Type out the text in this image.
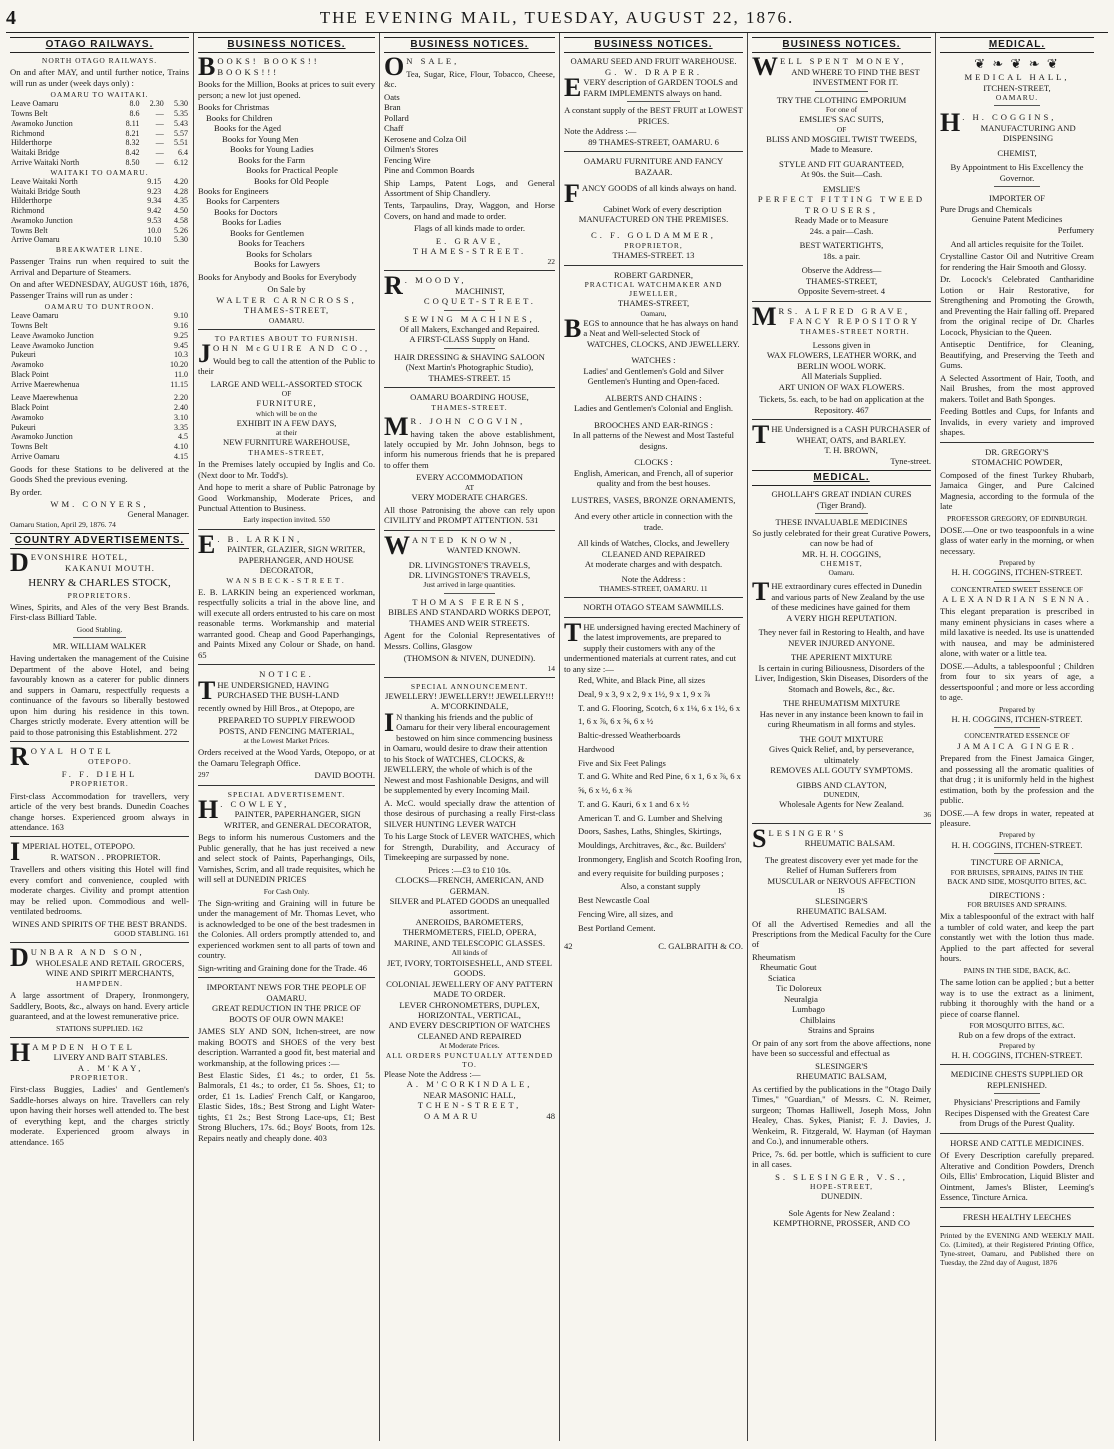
4	THE EVENING MAIL, TUESDAY, AUGUST 22, 1876.
OTAGO RAILWAYS.
NORTH OTAGO RAILWAYS.

On and after MAY, and until further notice, Trains will run as under (week days only) :

OAMARU TO WAITAKI.
Leave Oamaru	8.0	2.30	5.30
Towns Belt	8.6	—	5.35
Awamoko Junction	8.11	—	5.43
Richmond	8.21	—	5.57
Hilderthorpe	8.32	—	5.51
Waitaki Bridge	8.42	—	6.4
Arrive Waitaki North	8.50	—	6.12
WAITAKI TO OAMARU.
Leave Waitaki North	9.15	4.20
Waitaki Bridge South	9.23	4.28
Hilderthorpe	9.34	4.35
Richmond	9.42	4.50
Awamoko Junction	9.53	4.58
Towns Belt	10.0	5.26
Arrive Oamaru	10.10	5.30
BREAKWATER LINE.

Passenger Trains run when required to suit the Arrival and Departure of Steamers.

On and after WEDNESDAY, AUGUST 16th, 1876, Passenger Trains will run as under :

OAMARU TO DUNTROON.
Leave Oamaru	9.10
Towns Belt	9.16
Leave Awamoko Junction	9.25
Leave Awamoko Junction	9.45
Pukeuri	10.3
Awamoko	10.20
Black Point	11.0
Arrive Maerewhenua	11.15
Leave Maerewhenua	2.20
Black Point	2.40
Awamoko	3.10
Pukeuri	3.35
Awamoko Junction	4.5
Towns Belt	4.10
Arrive Oamaru	4.15

Goods for these Stations to be delivered at the Goods Shed the previous evening.

By order.

WM. CONYERS,
General Manager.
Oamaru Station, April 29, 1876. 74
COUNTRY ADVERTISEMENTS.
DEVONSHIRE HOTEL,
KAKANUI MOUTH.
HENRY & CHARLES STOCK,
PROPRIETORS.

Wines, Spirits, and Ales of the very Best Brands. First-class Billiard Table.

Good Stabling.
MR. WILLIAM WALKER

Having undertaken the management of the Cuisine Department of the above Hotel, and being favourably known as a caterer for public dinners and suppers in Oamaru, respectfully requests a continuance of the favours so liberally bestowed upon him during his residence in this town. Charges strictly moderate. Every attention will be paid to those patronising this Establishment. 272

ROYAL HOTEL
OTEPOPO.
F. F. DIEHL
PROPRIETOR.

First-class Accommodation for travellers, very article of the very best brands. Dunedin Coaches change horses. Experienced groom always in attendance. 163

IMPERIAL HOTEL, OTEPOPO.
R. WATSON . . PROPRIETOR.

Travellers and others visiting this Hotel will find every comfort and convenience, coupled with moderate charges. Civility and prompt attention may be relied upon. Commodious and well-ventilated bedrooms.

WINES AND SPIRITS OF THE BEST BRANDS.
GOOD STABLING. 161
DUNBAR AND SON,
WHOLESALE AND RETAIL GROCERS, WINE AND SPIRIT MERCHANTS,
HAMPDEN.

A large assortment of Drapery, Ironmongery, Saddlery, Boots, &c., always on hand. Every article guaranteed, and at the lowest remunerative price.

STATIONS SUPPLIED. 162
HAMPDEN HOTEL
LIVERY AND BAIT STABLES.
A. M'KAY,
PROPRIETOR.

First-class Buggies, Ladies' and Gentlemen's Saddle-horses always on hire. Travellers can rely upon having their horses well attended to. The best of everything kept, and the charges strictly moderate. Experienced groom always in attendance. 165

BUSINESS NOTICES.
BOOKS! BOOKS!! BOOKS!!!

Books for the Million, Books at prices to suit every person; a new lot just opened.

Books for Christmas
Books for Children
Books for the Aged
Books for Young Men
Books for Young Ladies
Books for the Farm
Books for Practical People
Books for Old People
Books for Engineers
Books for Carpenters
Books for Doctors
Books for Ladies
Books for Gentlemen
Books for Teachers
Books for Scholars
Books for Lawyers

Books for Anybody and Books for Everybody

On Sale by
WALTER CARNCROSS,
THAMES-STREET,
OAMARU.
TO PARTIES ABOUT TO FURNISH.
JOHN McGUIRE AND CO.,

Would beg to call the attention of the Public to their

LARGE AND WELL-ASSORTED STOCK
OF
FURNITURE,
which will be on the
EXHIBIT IN A FEW DAYS,
at their
NEW FURNITURE WAREHOUSE,
THAMES-STREET,

In the Premises lately occupied by Inglis and Co. (Next door to Mr. Todd's).

And hope to merit a share of Public Patronage by Good Workmanship, Moderate Prices, and Punctual Attention to Business.

Early inspection invited. 550
E . B. LARKIN,
PAINTER, GLAZIER, SIGN WRITER, PAPERHANGER, AND HOUSE DECORATOR,
WANSBECK-STREET.

E. B. LARKIN being an experienced workman, respectfully solicits a trial in the above line, and will execute all orders entrusted to his care on most reasonable terms. Workmanship and material warranted good. Cheap and Good Paperhangings, and Paints Mixed any Colour or Shade, on hand. 65

NOTICE.
THE UNDERSIGNED, HAVING PURCHASED THE BUSH-LAND

recently owned by Hill Bros., at Otepopo, are

PREPARED TO SUPPLY FIREWOOD
POSTS, AND FENCING MATERIAL,
at the Lowest Market Prices.

Orders received at the Wood Yards, Otepopo, or at the Oamaru Telegraph Office.

297	DAVID BOOTH.
SPECIAL ADVERTISEMENT.
H . COWLEY,
PAINTER, PAPERHANGER, SIGN WRITER, and GENERAL DECORATOR,

Begs to inform his numerous Customers and the Public generally, that he has just received a new and select stock of Paints, Paperhangings, Oils, Varnishes, Scrim, and all trade requisites, which he will sell at DUNEDIN PRICES

For Cash Only.

The Sign-writing and Graining will in future be under the management of Mr. Thomas Levet, who is acknowledged to be one of the best tradesmen in the Colonies. All orders promptly attended to, and experienced workmen sent to all parts of town and country.

Sign-writing and Graining done for the Trade. 46

IMPORTANT NEWS FOR THE PEOPLE OF OAMARU.
GREAT REDUCTION IN THE PRICE OF BOOTS OF OUR OWN MAKE!

JAMES SLY AND SON, Itchen-street, are now making BOOTS and SHOES of the very best description. Warranted a good fit, best material and workmanship, at the following prices :—

Best Elastic Sides, £1 4s.; to order, £1 5s. Balmorals, £1 4s.; to order, £1 5s. Shoes, £1; to order, £1 1s. Ladies' French Calf, or Kangaroo, Elastic Sides, 18s.; Best Strong and Light Water-tights, £1 2s.; Best Strong Lace-ups, £1; Best Strong Bluchers, 17s. 6d.; Boys' Boots, from 12s. Repairs neatly and cheaply done. 403

BUSINESS NOTICES.
O N SALE,

Tea, Sugar, Rice, Flour, Tobacco, Cheese, &c.

Oats
Bran
Pollard
Chaff
Kerosene and Colza Oil
Oilmen's Stores
Fencing Wire
Pine and Common Boards

Ship Lamps, Patent Logs, and General Assortment of Ship Chandlery.

Tents, Tarpaulins, Dray, Waggon, and Horse Covers, on hand and made to order.

Flags of all kinds made to order.

E. GRAVE,
THAMES-STREET.
22
R . MOODY,
MACHINIST,
COQUET-STREET.
SEWING MACHINES,
Of all Makers, Exchanged and Repaired.
A FIRST-CLASS Supply on Hand.
HAIR DRESSING & SHAVING SALOON
(Next Martin's Photographic Studio),
THAMES-STREET. 15
OAMARU BOARDING HOUSE,
THAMES-STREET.
M R. JOHN COGVIN,

having taken the above establishment, lately occupied by Mr. John Johnson, begs to inform his numerous friends that he is prepared to offer them

EVERY ACCOMMODATION
AT
VERY MODERATE CHARGES.

All those Patronising the above can rely upon CIVILITY and PROMPT ATTENTION. 531

WANTED KNOWN,
WANTED KNOWN.
DR. LIVINGSTONE'S TRAVELS,
DR. LIVINGSTONE'S TRAVELS,
Just arrived in large quantities.
THOMAS FERENS,
BIBLES AND STANDARD WORKS DEPOT,
THAMES AND WEIR STREETS.

Agent for the Colonial Representatives of Messrs. Collins, Glasgow

(THOMSON & NIVEN, DUNEDIN).
14
SPECIAL ANNOUNCEMENT.
JEWELLERY! JEWELLERY!! JEWELLERY!!!
A. M'CORKINDALE,
I N thanking his friends and the public of Oamaru for their very liberal encouragement bestowed on him since commencing business in Oamaru, would desire to draw their attention to his Stock of WATCHES, CLOCKS, & JEWELLERY, the whole of which is of the Newest and most Fashionable Designs, and will be supplemented by every Incoming Mail.

A. McC. would specially draw the attention of those desirous of purchasing a really First-class SILVER HUNTING LEVER WATCH

To his Large Stock of LEVER WATCHES, which for Strength, Durability, and Accuracy of Timekeeping are surpassed by none.

Prices :—£3 to £10 10s.
CLOCKS—FRENCH, AMERICAN, AND GERMAN.
SILVER and PLATED GOODS an unequalled assortment.
ANEROIDS, BAROMETERS, THERMOMETERS, FIELD, OPERA, MARINE, AND TELESCOPIC GLASSES.
All kinds of
JET, IVORY, TORTOISESHELL, AND STEEL GOODS.
COLONIAL JEWELLERY OF ANY PATTERN MADE TO ORDER.
LEVER CHRONOMETERS, DUPLEX, HORIZONTAL, VERTICAL,
AND EVERY DESCRIPTION OF WATCHES CLEANED AND REPAIRED
At Moderate Prices.
ALL ORDERS PUNCTUALLY ATTENDED TO.
Please Note the Address :—
A. M'CORKINDALE,
NEAR MASONIC HALL,
TCHEN-STREET,
OAMARU	48
BUSINESS NOTICES.
OAMARU SEED AND FRUIT WAREHOUSE.
G. W. DRAPER.
EVERY description of GARDEN TOOLS and FARM IMPLEMENTS always on hand.
A constant supply of the BEST FRUIT at LOWEST PRICES.
Note the Address :—
89 THAMES-STREET, OAMARU. 6
OAMARU FURNITURE AND FANCY
BAZAAR.
FANCY GOODS of all kinds always on hand.
Cabinet Work of every description
MANUFACTURED ON THE PREMISES.
C. F. GOLDAMMER,
PROPRIETOR,
THAMES-STREET. 13
ROBERT GARDNER,
PRACTICAL WATCHMAKER AND JEWELLER,
THAMES-STREET,
Oamaru,
BEGS to announce that he has always on hand a Neat and Well-selected Stock of
WATCHES, CLOCKS, AND JEWELLERY.
WATCHES :
Ladies' and Gentlemen's Gold and Silver Gentlemen's Hunting and Open-faced.
ALBERTS AND CHAINS :
Ladies and Gentlemen's Colonial and English.
BROOCHES AND EAR-RINGS :
In all patterns of the Newest and Most Tasteful designs.
CLOCKS :
English, American, and French, all of superior quality and from the best houses.
LUSTRES, VASES, BRONZE ORNAMENTS,
And every other article in connection with the trade.
All kinds of Watches, Clocks, and Jewellery CLEANED AND REPAIRED
At moderate charges and with despatch.
Note the Address :
THAMES-STREET, OAMARU. 11
NORTH OTAGO STEAM SAWMILLS.
THE undersigned having erected Machinery of the latest improvements, are prepared to supply their customers with any of the undermentioned materials at current rates, and cut to any size :—
Red, White, and Black Pine, all sizes
Deal, 9 x 3, 9 x 2, 9 x 1½, 9 x 1, 9 x ⅞
T. and G. Flooring, Scotch, 6 x 1⅛, 6 x 1½, 6 x 1, 6 x ⅞, 6 x ⅝, 6 x ½
Baltic-dressed Weatherboards
Hardwood
Five and Six Feet Palings
T. and G. White and Red Pine, 6 x 1, 6 x ⅞, 6 x ⅝, 6 x ½, 6 x ⅜
T. and G. Kauri, 6 x 1 and 6 x ½
American T. and G. Lumber and Shelving
Doors, Sashes, Laths, Shingles, Skirtings, Mouldings, Architraves, &c., &c. Builders' Ironmongery, English and Scotch Roofing Iron, and every requisite for building purposes ;
Also, a constant supply
Best Newcastle Coal
Fencing Wire, all sizes, and
Best Portland Cement.
42	C. GALBRAITH & CO.
BUSINESS NOTICES.
WELL SPENT MONEY,
AND WHERE TO FIND THE BEST INVESTMENT FOR IT.
TRY THE CLOTHING EMPORIUM
For one of
EMSLIE'S SAC SUITS,
OF
BLISS AND MOSGIEL TWIST TWEEDS,
Made to Measure.
STYLE AND FIT GUARANTEED,
At 90s. the Suit—Cash.
EMSLIE'S
PERFECT FITTING TWEED TROUSERS,
Ready Made or to Measure
24s. a pair—Cash.
BEST WATERTIGHTS,
18s. a pair.
Observe the Address—
THAMES-STREET,
Opposite Severn-street. 4
MRS. ALFRED GRAVE,
FANCY REPOSITORY
THAMES-STREET NORTH.
Lessons given in
WAX FLOWERS, LEATHER WORK, and BERLIN WOOL WORK.
All Materials Supplied.
ART UNION OF WAX FLOWERS.

Tickets, 5s. each, to be had on application at the Repository. 467

THE Undersigned is a CASH PURCHASER of
WHEAT, OATS, and BARLEY.
T. H. BROWN,
Tyne-street.
MEDICAL.
GHOLLAH'S GREAT INDIAN CURES
(Tiger Brand).
THESE INVALUABLE MEDICINES
So justly celebrated for their great Curative Powers, can now be had of
MR. H. H. COGGINS,
CHEMIST,
Oamaru.
THE extraordinary cures effected in Dunedin and various parts of New Zealand by the use of these medicines have gained for them
A VERY HIGH REPUTATION.
They never fail in Restoring to Health, and have
NEVER INJURED ANYONE.
THE APERIENT MIXTURE
Is certain in curing Biliousness, Disorders of the Liver, Indigestion, Skin Diseases, Disorders of the Stomach and Bowels, &c., &c.
THE RHEUMATISM MIXTURE
Has never in any instance been known to fail in curing Rheumatism in all forms and styles.
THE GOUT MIXTURE
Gives Quick Relief, and, by perseverance, ultimately
REMOVES ALL GOUTY SYMPTOMS.
GIBBS AND CLAYTON,
DUNEDIN,
Wholesale Agents for New Zealand.
36
SLESINGER'S
RHEUMATIC BALSAM.
The greatest discovery ever yet made for the
Relief of Human Sufferers from
MUSCULAR or NERVOUS AFFECTION
IS
SLESINGER'S
RHEUMATIC BALSAM.

Of all the Advertised Remedies and all the Prescriptions from the Medical Faculty for the Cure of

Rheumatism
Rheumatic Gout
Sciatica
Tic Doloreux
Neuralgia
Lumbago
Chilblains
Strains and Sprains

Or pain of any sort from the above affections, none have been so successful and effectual as

SLESINGER'S
RHEUMATIC BALSAM,

As certified by the publications in the "Otago Daily Times," "Guardian," of Messrs. C. N. Reimer, surgeon; Thomas Halliwell, Joseph Moss, John Healey, Chas. Sykes, Pianist; F. J. Davies, J. Wenkeim, R. Fitzgerald, W. Hayman (of Hayman and Co.), and innumerable others.

Price, 7s. 6d. per bottle, which is sufficient to cure in all cases.

S. SLESINGER, V.S.,
HOPE-STREET,
DUNEDIN.
Sole Agents for New Zealand :
KEMPTHORNE, PROSSER, AND CO
MEDICAL.
❦ ❧ ❦ ❧ ❦
MEDICAL HALL,
ITCHEN-STREET,
OAMARU.
H . H. COGGINS,
MANUFACTURING AND DISPENSING
CHEMIST,
By Appointment to His Excellency the
Governor.
IMPORTER OF
Pure Drugs and Chemicals
Genuine Patent Medicines
Perfumery
And all articles requisite for the Toilet.

Crystalline Castor Oil and Nutritive Cream for rendering the Hair Smooth and Glossy.

Dr. Locock's Celebrated Cantharidine Lotion or Hair Restorative, for Strengthening and Promoting the Growth, and Preventing the Hair falling off. Prepared from the original recipe of Dr. Charles Locock, Physician to the Queen.

Antiseptic Dentifrice, for Cleaning, Beautifying, and Preserving the Teeth and Gums.

A Selected Assortment of Hair, Tooth, and Nail Brushes, from the most approved makers. Toilet and Bath Sponges.

Feeding Bottles and Cups, for Infants and Invalids, in every variety and improved shapes.

DR. GREGORY'S
STOMACHIC POWDER,

Composed of the finest Turkey Rhubarb, Jamaica Ginger, and Pure Calcined Magnesia, according to the formula of the late

PROFESSOR GREGORY, OF EDINBURGH.

DOSE.—One or two teaspoonfuls in a wine glass of water early in the morning, or when necessary.

Prepared by
H. H. COGGINS, ITCHEN-STREET.
CONCENTRATED SWEET ESSENCE OF
ALEXANDRIAN SENNA.

This elegant preparation is prescribed in many eminent physicians in cases where a mild laxative is needed. Its use is unattended with nausea, and may be administered alone, with water or a little tea.

DOSE.—Adults, a tablespoonful ; Children from four to six years of age, a dessertspoonful ; and more or less according to age.

Prepared by
H. H. COGGINS, ITCHEN-STREET.
CONCENTRATED ESSENCE OF
JAMAICA GINGER.

Prepared from the Finest Jamaica Ginger, and possessing all the aromatic qualities of that drug ; it is uniformly held in the highest estimation, both by the profession and the public.

DOSE.—A few drops in water, repeated at pleasure.

Prepared by
H. H. COGGINS, ITCHEN-STREET.
TINCTURE OF ARNICA,
FOR BRUISES, SPRAINS, PAINS IN THE BACK AND SIDE, MOSQUITO BITES, &C.
DIRECTIONS :
FOR BRUISES AND SPRAINS.

Mix a tablespoonful of the extract with half a tumbler of cold water, and keep the part constantly wet with the lotion thus made. Applied to the part affected for several hours.

PAINS IN THE SIDE, BACK, &C.

The same lotion can be applied ; but a better way is to use the extract as a liniment, rubbing it thoroughly with the hand or a piece of coarse flannel.

FOR MOSQUITO BITES, &C.
Rub on a few drops of the extract.
Prepared by
H. H. COGGINS, ITCHEN-STREET.
MEDICINE CHESTS SUPPLIED OR REPLENISHED.

Physicians' Prescriptions and Family Recipes Dispensed with the Greatest Care from Drugs of the Purest Quality.

HORSE AND CATTLE MEDICINES.

Of Every Description carefully prepared. Alterative and Condition Powders, Drench Oils, Ellis' Embrocation, Liquid Blister and Ointment, James's Blister, Leeming's Essence, Tincture Arnica.

FRESH HEALTHY LEECHES

Printed by the EVENING AND WEEKLY MAIL Co. (Limited), at their Registered Printing Office, Tyne-street, Oamaru, and Published there on Tuesday, the 22nd day of August, 1876
